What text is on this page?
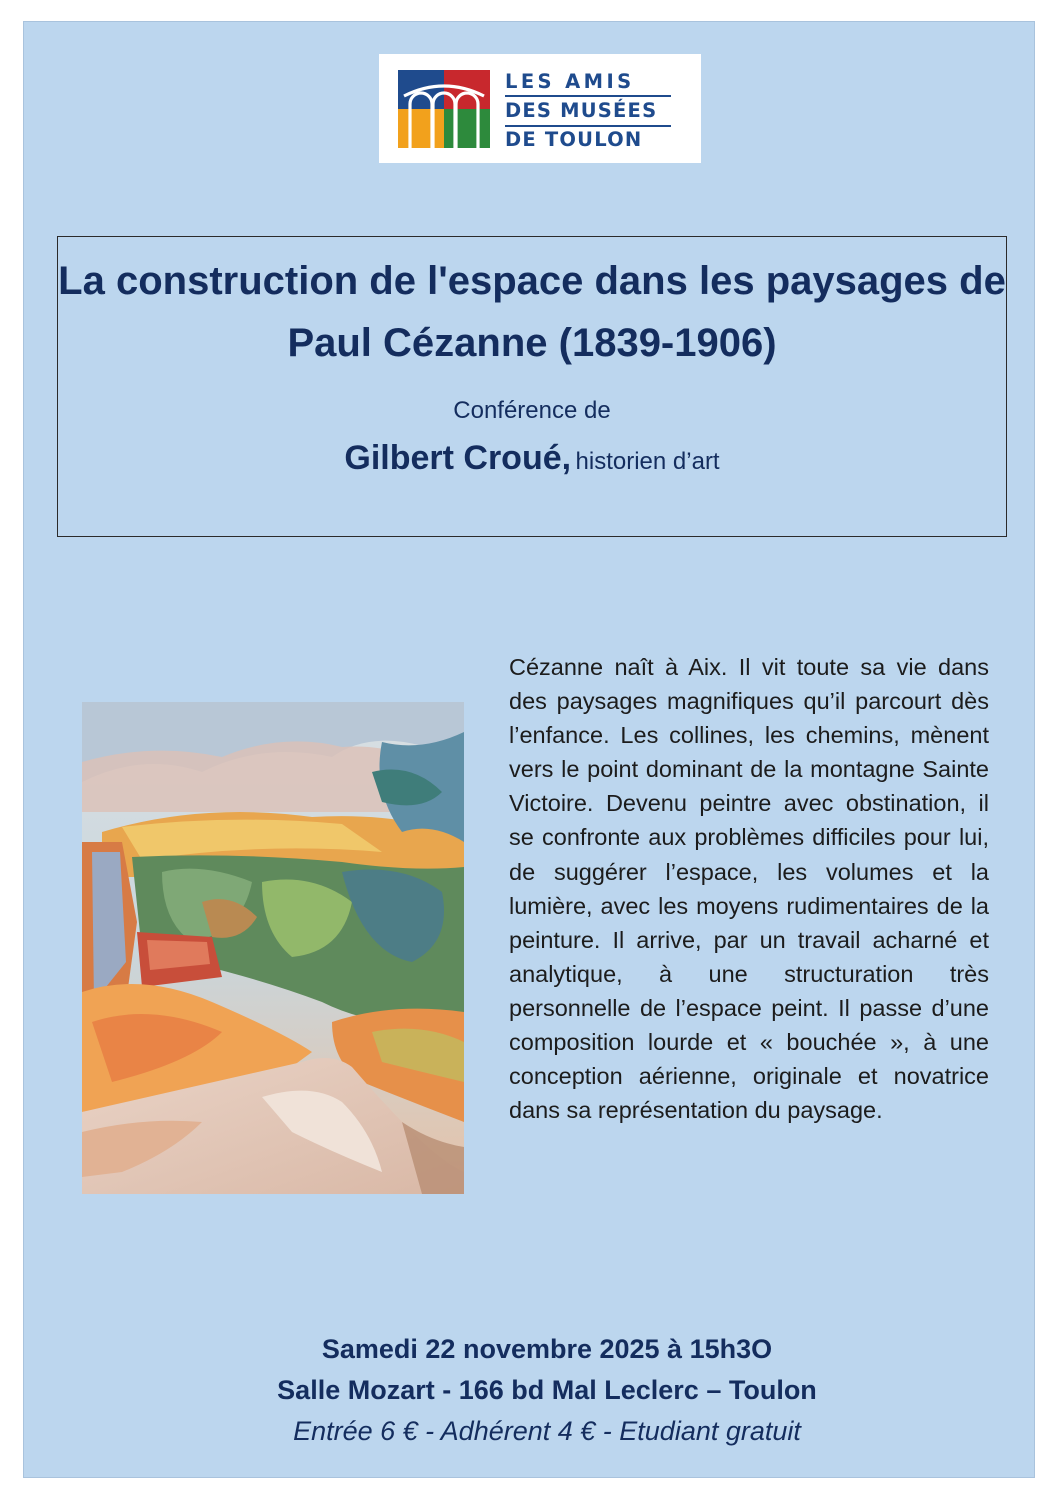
LES AMIS
DES MUSÉES
DE TOULON
La construction de l'espace dans les paysages de Paul Cézanne (1839-1906)
Conférence de
Gilbert Croué, historien d’art
Cézanne naît à Aix. Il vit toute sa vie dans des paysages magnifiques qu’il parcourt dès l’enfance. Les collines, les chemins, mènent vers le point dominant de la montagne Sainte Victoire. Devenu peintre avec obstination, il se confronte aux problèmes difficiles pour lui, de suggérer l’espace, les volumes et la lumière, avec les moyens rudimentaires de la peinture. Il arrive, par un travail acharné et analytique, à une structuration très personnelle de l’espace peint. Il passe d’une composition lourde et « bouchée », à une conception aérienne, originale et novatrice dans sa représentation du paysage.
Samedi 22 novembre 2025 à 15h3O
Salle Mozart - 166 bd Mal Leclerc – Toulon
Entrée 6 € - Adhérent 4 € - Etudiant gratuit
